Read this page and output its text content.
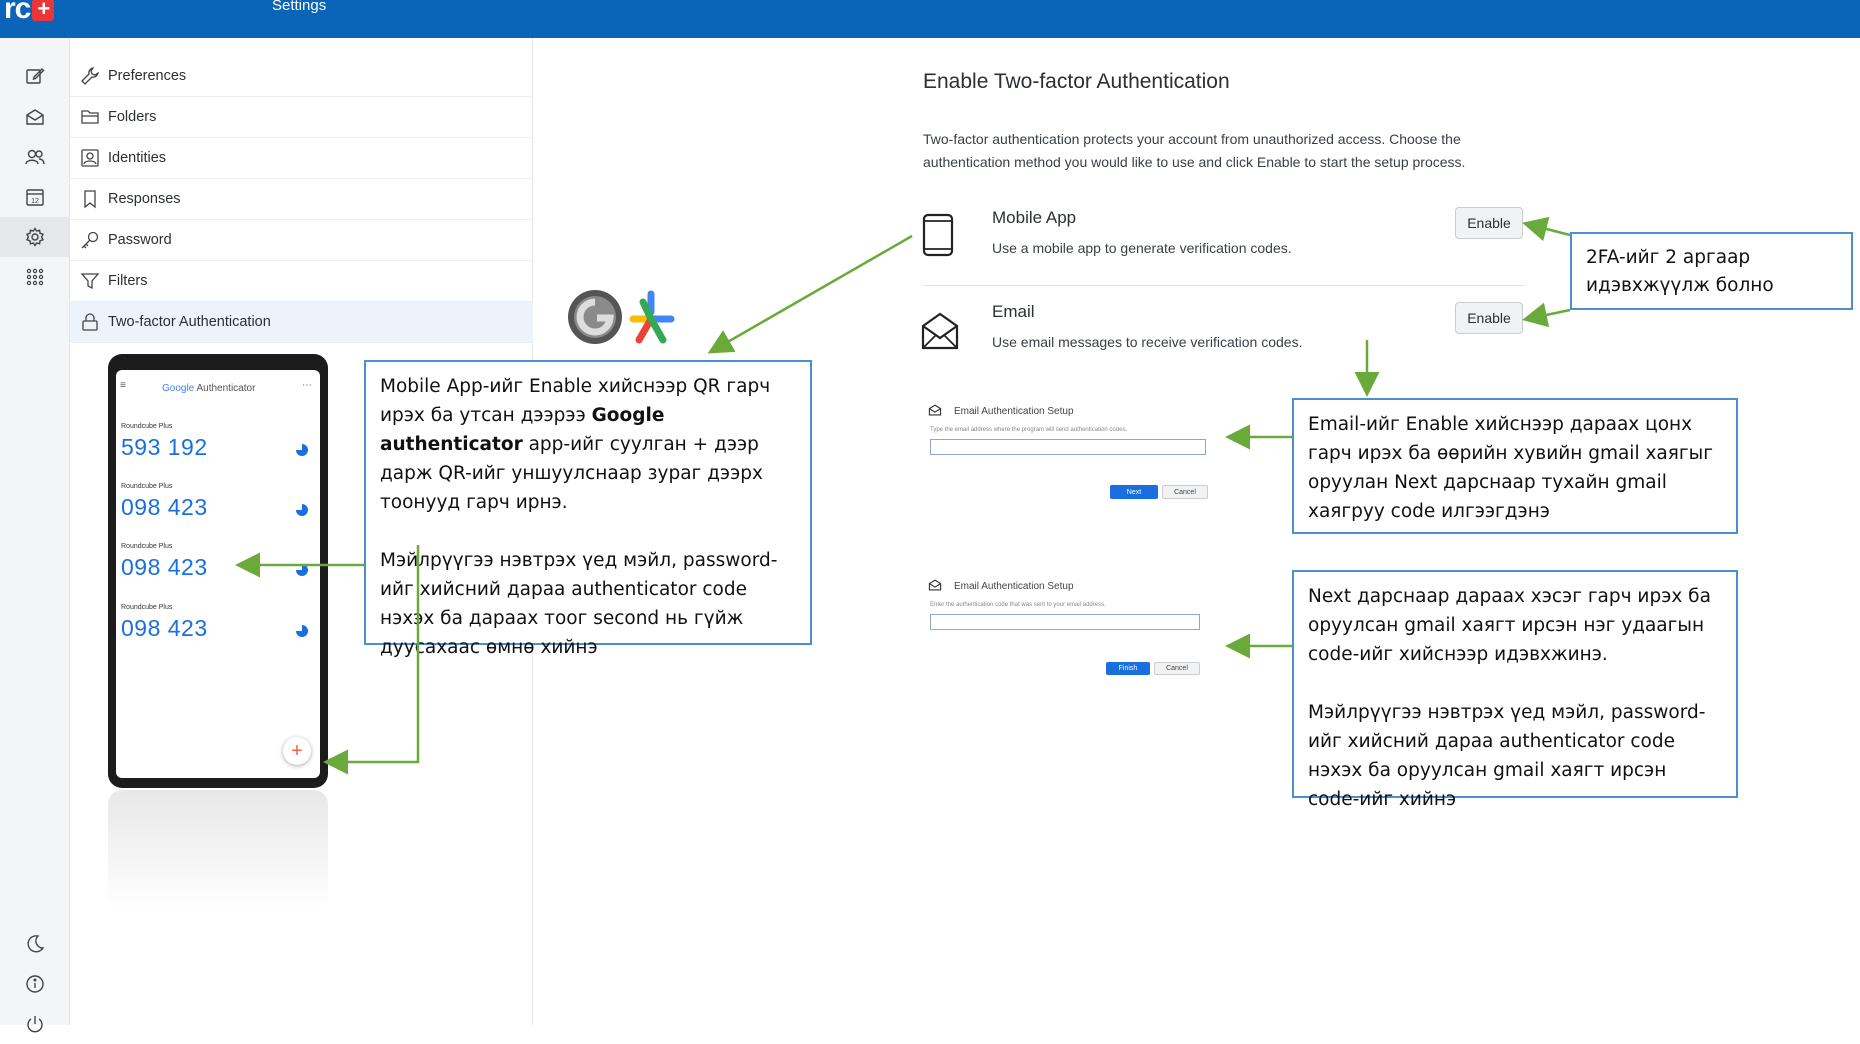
rc +	Settings
12
Preferences
Folders
Identities
Responses
Password
Filters
Two-factor Authentication
Enable Two-factor Authentication
Two-factor authentication protects your account from unauthorized access. Choose the authentication method you would like to use and click Enable to start the setup process.
Mobile App
Use a mobile app to generate verification codes.
Enable
Email
Use email messages to receive verification codes.
Enable
Email Authentication Setup
Type the email address where the program will send authentication codes.
Next	Cancel
Email Authentication Setup
Enter the authentication code that was sent to your email address.
Finish	Cancel
≡	Google Authenticator	⋯
Roundcube Plus
593 192
Roundcube Plus
098 423
Roundcube Plus
098 423
Roundcube Plus
098 423
+

Mobile App-ийг Enable хийснээр QR гарч ирэх ба утсан дээрээ Google authenticator app-ийг суулган + дээр дарж QR-ийг уншуулснаар зураг дээрх тоонууд гарч ирнэ.

Мэйлрүүгээ нэвтрэх үед мэйл, password-ийг хийсний дараа authenticator code нэхэх ба дараах тоог second нь гүйж дуусахаас өмнө хийнэ

2FA-ийг 2 аргаар идэвхжүүлж болно
Email-ийг Enable хийснээр дараах цонх гарч ирэх ба өөрийн хувийн gmail хаягыг оруулан Next дарснаар тухайн gmail хаягруу code илгээгдэнэ

Next дарснаар дараах хэсэг гарч ирэх ба оруулсан gmail хаягт ирсэн нэг удаагын code-ийг хийснээр идэвхжинэ.

Мэйлрүүгээ нэвтрэх үед мэйл, password-ийг хийсний дараа authenticator code нэхэх ба оруулсан gmail хаягт ирсэн code-ийг хийнэ
